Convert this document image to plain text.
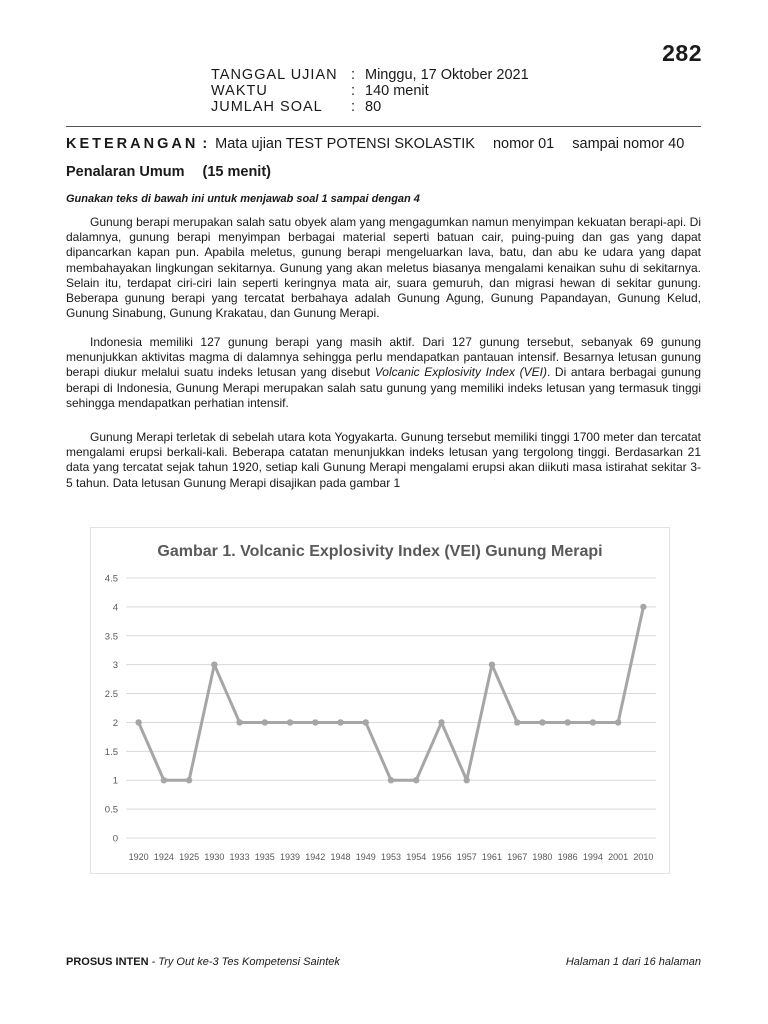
282
TANGGAL UJIAN : Minggu, 17 Oktober 2021
WAKTU	: 140 menit
JUMLAH SOAL	: 80
KETERANGAN : Mata ujian TEST POTENSI SKOLASTIK nomor 01 sampai nomor 40
Penalaran Umum (15 menit)
Gunakan teks di bawah ini untuk menjawab soal 1 sampai dengan 4

Gunung berapi merupakan salah satu obyek alam yang mengagumkan namun menyimpan kekuatan berapi-api. Di dalamnya, gunung berapi menyimpan berbagai material seperti batuan cair, puing-puing dan gas yang dapat dipancarkan kapan pun. Apabila meletus, gunung berapi mengeluarkan lava, batu, dan abu ke udara yang dapat membahayakan lingkungan sekitarnya. Gunung yang akan meletus biasanya mengalami kenaikan suhu di sekitarnya. Selain itu, terdapat ciri-ciri lain seperti keringnya mata air, suara gemuruh, dan migrasi hewan di sekitar gunung. Beberapa gunung berapi yang tercatat berbahaya adalah Gunung Agung, Gunung Papandayan, Gunung Kelud, Gunung Sinabung, Gunung Krakatau, dan Gunung Merapi.

Indonesia memiliki 127 gunung berapi yang masih aktif. Dari 127 gunung tersebut, sebanyak 69 gunung menunjukkan aktivitas magma di dalamnya sehingga perlu mendapatkan pantauan intensif. Besarnya letusan gunung berapi diukur melalui suatu indeks letusan yang disebut Volcanic Explosivity Index (VEI). Di antara berbagai gunung berapi di Indonesia, Gunung Merapi merupakan salah satu gunung yang memiliki indeks letusan yang termasuk tinggi sehingga mendapatkan perhatian intensif.

Gunung Merapi terletak di sebelah utara kota Yogyakarta. Gunung tersebut memiliki tinggi 1700 meter dan tercatat mengalami erupsi berkali-kali. Beberapa catatan menunjukkan indeks letusan yang tergolong tinggi. Berdasarkan 21 data yang tercatat sejak tahun 1920, setiap kali Gunung Merapi mengalami erupsi akan diikuti masa istirahat sekitar 3-5 tahun. Data letusan Gunung Merapi disajikan pada gambar 1

Gambar 1. Volcanic Explosivity Index (VEI) Gunung Merapi
0
0.5
1
1.5
2
2.5
3
3.5
4
4.5
1920 1924 1925 1930 1933 1935 1939 1942 1948 1949 1953 1954 1956 1957 1961 1967 1980 1986 1994 2001 2010
PROSUS INTEN - Try Out ke-3 Tes Kompetensi Saintek	Halaman 1 dari 16 halaman
